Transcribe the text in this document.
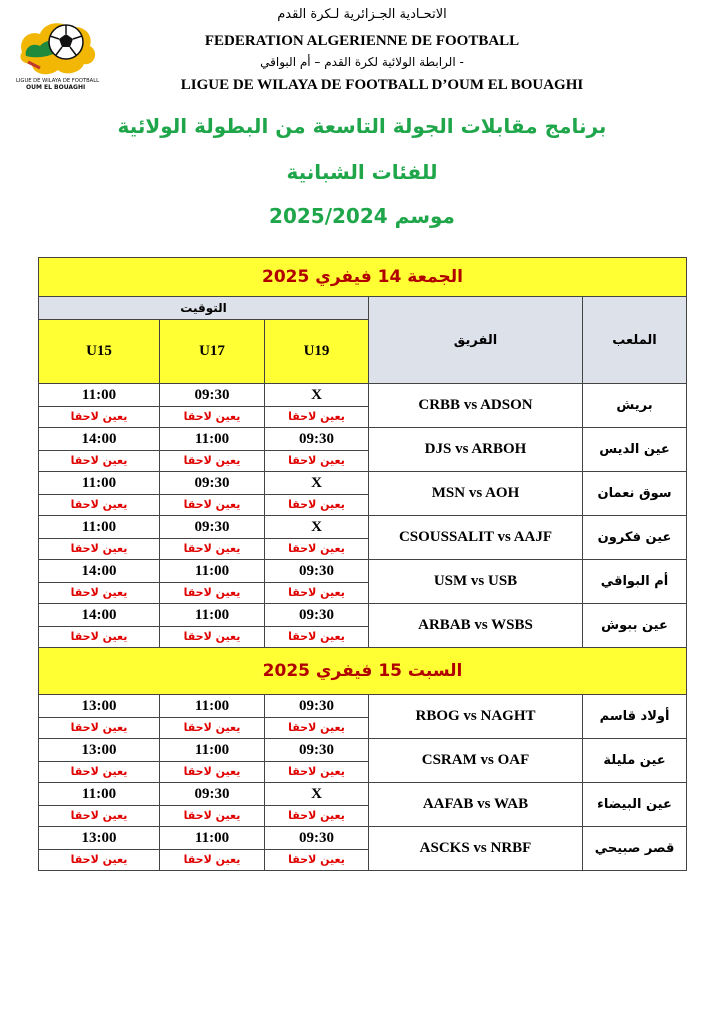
LIGUE DE WILAYA DE FOOTBALL
OUM EL BOUAGHI
الاتحـادية الجـزائرية لـكرة القدم
FEDERATION ALGERIENNE DE FOOTBALL
الرابطة الولائية لكرة القدم – أم البواقي -
LIGUE DE WILAYA DE FOOTBALL D’OUM EL BOUAGHI
برنامج مقابلات الجولة التاسعة من البطولة الولائية
للفئات الشبانية
موسم 2025/2024
الجمعة 14 فيفري 2025				
التوقيت			الفريق	الملعب
U15	U17	U19		
11:00	09:30	X	CRBB vs ADSON	بريش
يعين لاحقا	يعين لاحقا	يعين لاحقا		
14:00	11:00	09:30	DJS vs ARBOH	عين الديس
يعين لاحقا	يعين لاحقا	يعين لاحقا		
11:00	09:30	X	MSN vs AOH	سوق نعمان
يعين لاحقا	يعين لاحقا	يعين لاحقا		
11:00	09:30	X	CSOUSSALIT vs AAJF	عين فكرون
يعين لاحقا	يعين لاحقا	يعين لاحقا		
14:00	11:00	09:30	USM vs USB	أم البواقي
يعين لاحقا	يعين لاحقا	يعين لاحقا		
14:00	11:00	09:30	ARBAB vs WSBS	عين ببوش
يعين لاحقا	يعين لاحقا	يعين لاحقا		
السبت 15 فيفري 2025				
13:00	11:00	09:30	RBOG vs NAGHT	أولاد قاسم
يعين لاحقا	يعين لاحقا	يعين لاحقا		
13:00	11:00	09:30	CSRAM vs OAF	عين مليلة
يعين لاحقا	يعين لاحقا	يعين لاحقا		
11:00	09:30	X	AAFAB vs WAB	عين البيضاء
يعين لاحقا	يعين لاحقا	يعين لاحقا		
13:00	11:00	09:30	ASCKS vs NRBF	قصر صبيحي
يعين لاحقا	يعين لاحقا	يعين لاحقا		
